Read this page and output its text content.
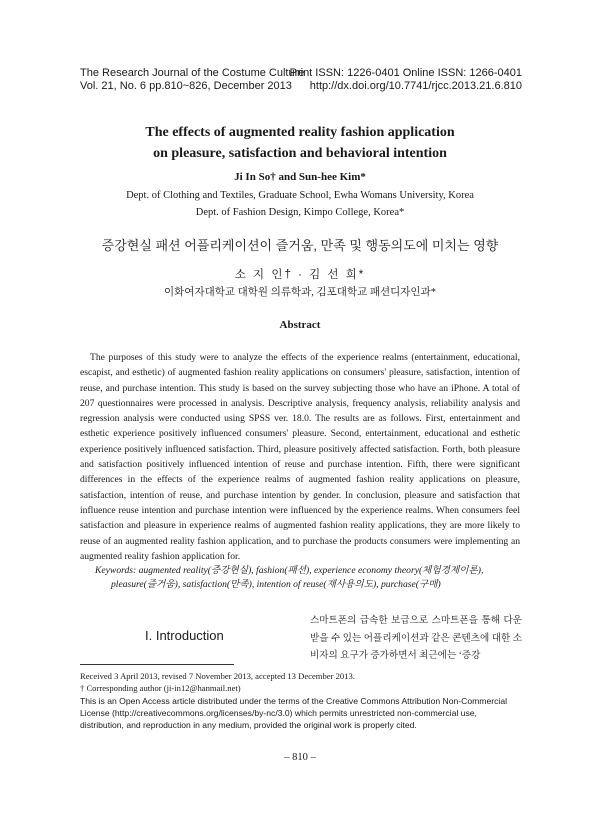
The Research Journal of the Costume Culture
Vol. 21, No. 6 pp.810~826, December 2013
Print ISSN: 1226-0401 Online ISSN: 1266-0401
http://dx.doi.org/10.7741/rjcc.2013.21.6.810
The effects of augmented reality fashion application
on pleasure, satisfaction and behavioral intention
Ji In So† and Sun-hee Kim*
Dept. of Clothing and Textiles, Graduate School, Ewha Womans University, Korea
Dept. of Fashion Design, Kimpo College, Korea*
증강현실 패션 어플리케이션이 즐거움, 만족 및 행동의도에 미치는 영향
소 지 인† · 김 선 희*
이화여자대학교 대학원 의류학과, 김포대학교 패션디자인과*
Abstract

The purposes of this study were to analyze the effects of the experience realms (entertainment, educational, escapist, and esthetic) of augmented fashion reality applications on consumers' pleasure, satisfaction, intention of reuse, and purchase intention. This study is based on the survey subjecting those who have an iPhone. A total of 207 questionnaires were processed in analysis. Descriptive analysis, frequency analysis, reliability analysis and regression analysis were conducted using SPSS ver. 18.0. The results are as follows. First, entertainment and esthetic experience positively influenced consumers' pleasure. Second, entertainment, educational and esthetic experience positively influenced satisfaction. Third, pleasure positively affected satisfaction. Forth, both pleasure and satisfaction positively influenced intention of reuse and purchase intention. Fifth, there were significant differences in the effects of the experience realms of augmented fashion reality applications on pleasure, satisfaction, intention of reuse, and purchase intention by gender. In conclusion, pleasure and satisfaction that influence reuse intention and purchase intention were influenced by the experience realms. When consumers feel satisfaction and pleasure in experience realms of augmented fashion reality applications, they are more likely to reuse of an augmented reality fashion application, and to purchase the products consumers were implementing an augmented reality fashion application for.

Keywords: augmented reality(증강현실), fashion(패션), experience economy theory(체험경제이론), pleasure(즐거움), satisfaction(만족), intention of reuse(재사용의도), purchase(구매)
I. Introduction
스마트폰의 급속한 보급으로 스마트폰을 통해 다운받을 수 있는 어플리케이션과 같은 콘텐츠에 대한 소비자의 요구가 증가하면서 최근에는 ‘증강

Received 3 April 2013, revised 7 November 2013, accepted 13 December 2013.

† Corresponding author (ji-in12@hanmail.net)

This is an Open Access article distributed under the terms of the Creative Commons Attribution Non-Commercial License (http://creativecommons.org/licenses/by-nc/3.0) which permits unrestricted non-commercial use, distribution, and reproduction in any medium, provided the original work is properly cited.

– 810 –
